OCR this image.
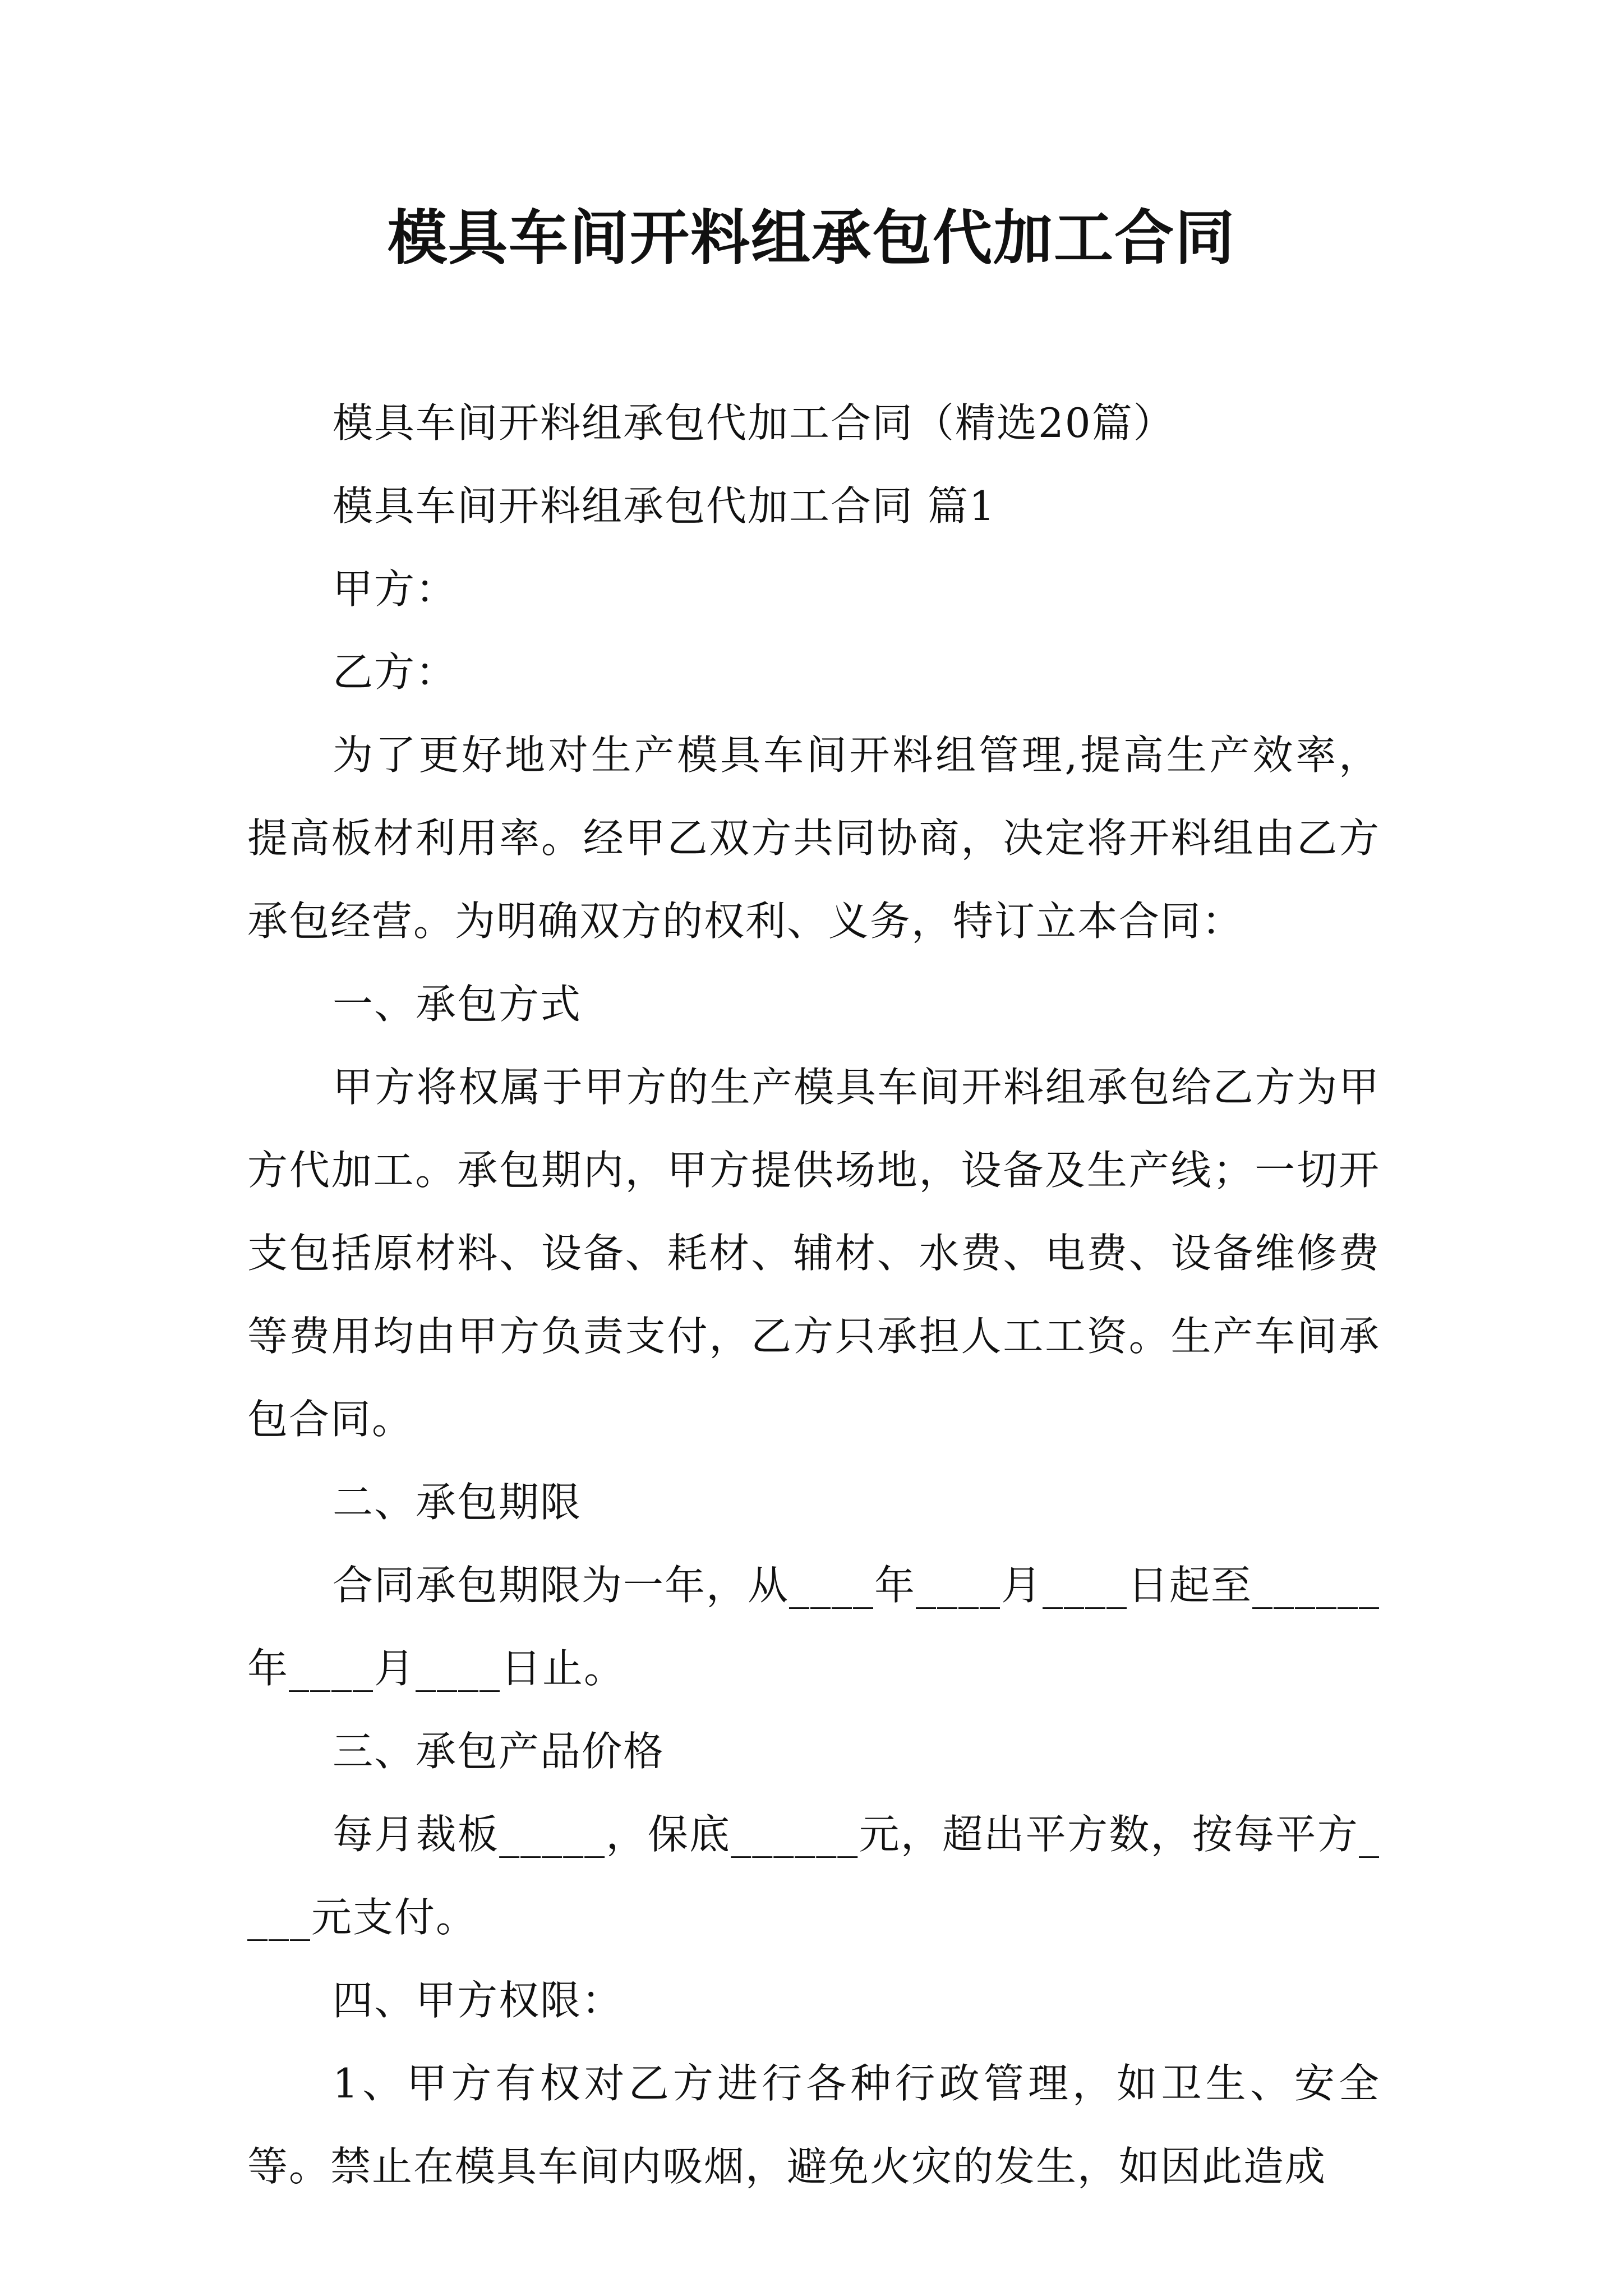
模具车间开料组承包代加工合同

模具车间开料组承包代加工合同（精选20篇）

模具车间开料组承包代加工合同 篇1

甲方：

乙方：

为了更好地对生产模具车间开料组管理,提高生产效率，提高板材利用率。经甲乙双方共同协商，决定将开料组由乙方承包经营。为明确双方的权利、义务，特订立本合同：

一、承包方式

甲方将权属于甲方的生产模具车间开料组承包给乙方为甲方代加工。承包期内，甲方提供场地，设备及生产线；一切开支包括原材料、设备、耗材、辅材、水费、电费、设备维修费等费用均由甲方负责支付，乙方只承担人工工资。生产车间承包合同。

二、承包期限

合同承包期限为一年，从____年____月____日起至______年____月____日止。

三、承包产品价格

每月裁板_____，保底______元，超出平方数，按每平方____元支付。

四、甲方权限：

1、甲方有权对乙方进行各种行政管理，如卫生、安全等。禁止在模具车间内吸烟，避免火灾的发生，如因此造成
